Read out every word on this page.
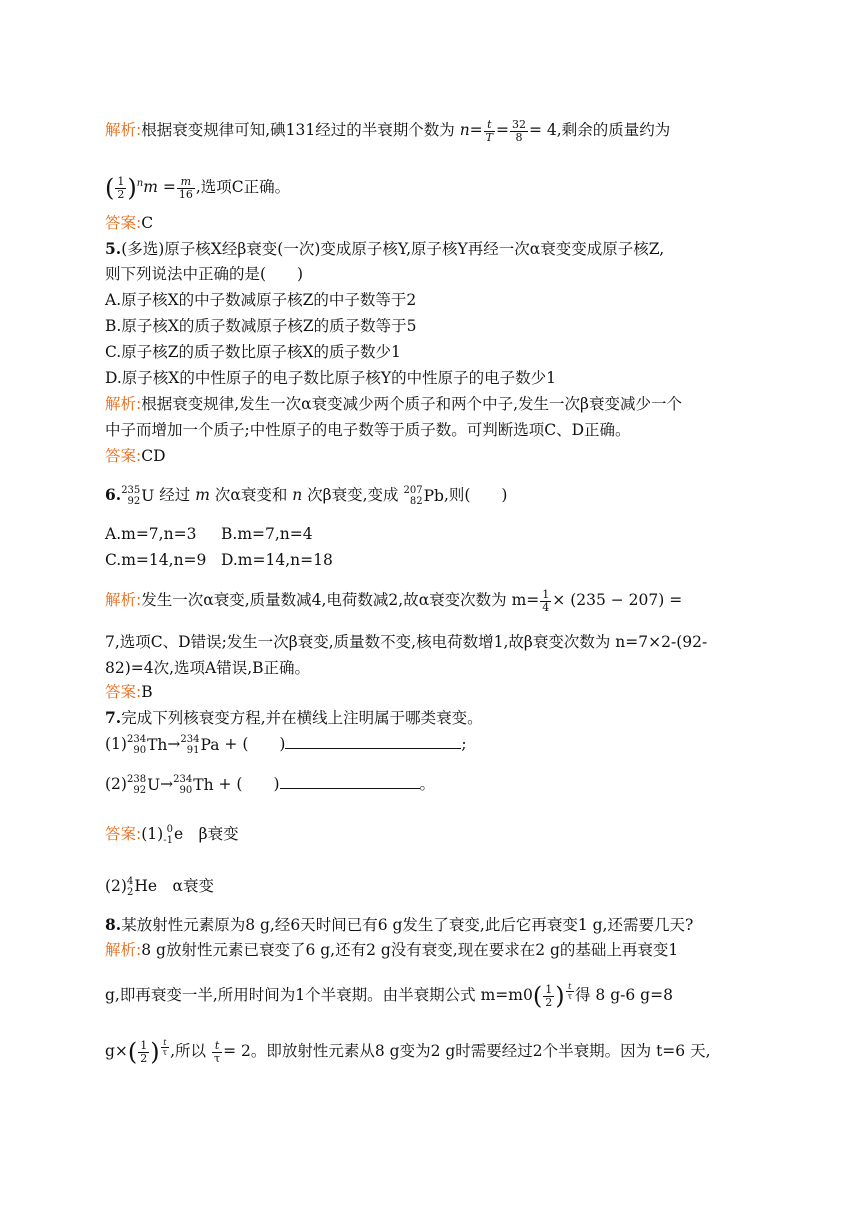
解析:根据衰变规律可知,碘131经过的半衰期个数为 $n= \frac{t}{T} = \frac{32}{8} = 4$,剩余的质量约为
( $\frac{1}{2} )^nm = \frac{m}{16}$ ,选项C正确。
答案:C
5.(多选)原子核X经β衰变(一次)变成原子核Y,原子核Y再经一次α衰变变成原子核Z,
则下列说法中正确的是(　　)
A.原子核X的中子数减原子核Z的中子数等于2
B.原子核X的质子数减原子核Z的质子数等于5
C.原子核Z的质子数比原子核X的质子数少1
D.原子核X的中性原子的电子数比原子核Y的中性原子的电子数少1
解析:根据衰变规律,发生一次α衰变减少两个质子和两个中子,发生一次β衰变减少一个
中子而增加一个质子;中性原子的电子数等于质子数。可判断选项C、D正确。
答案:CD
6. 235
92 U 经过 m 次α衰变和 n 次β衰变,变成 207
82 Pb,则(　　)
A.m=7,n=3 B.m=7,n=4
C.m=14,n=9 D.m=14,n=18
解析:发生一次α衰变,质量数减4,电荷数减2,故α衰变次数为 $m= \frac{1}{4} \times (235 - 207)$ =
7,选项C、D错误;发生一次β衰变,质量数不变,核电荷数增1,故β衰变次数为 n=7×2-(92-
82)=4次,选项A错误,B正确。
答案:B
7.完成下列核衰变方程,并在横线上注明属于哪类衰变。
(1) 234
90 Th→ 234
91 Pa + (　　)	;
(2) 238
92 U→ 234
90 Th + (　　)	。
答案:(1) 0
-1 e　β衰变
(2) 4
2 He　α衰变
8.某放射性元素原为8 g,经6天时间已有6 g发生了衰变,此后它再衰变1 g,还需要几天?
解析:8 g放射性元素已衰变了6 g,还有2 g没有衰变,现在要求在2 g的基础上再衰变1
g,即再衰变一半,所用时间为1个半衰期。由半衰期公式 $m=m0( \frac{1}{2}$ ) $^{\frac{t}{\tau}}$ 得 8 g-6 g=8
$g\times( \frac{1}{2}$ ) $^{\frac{t}{\tau}}$ ,所以 $\frac{t}{\tau} = 2$。即放射性元素从8 g变为2 g时需要经过2个半衰期。因为 t=6 天,
